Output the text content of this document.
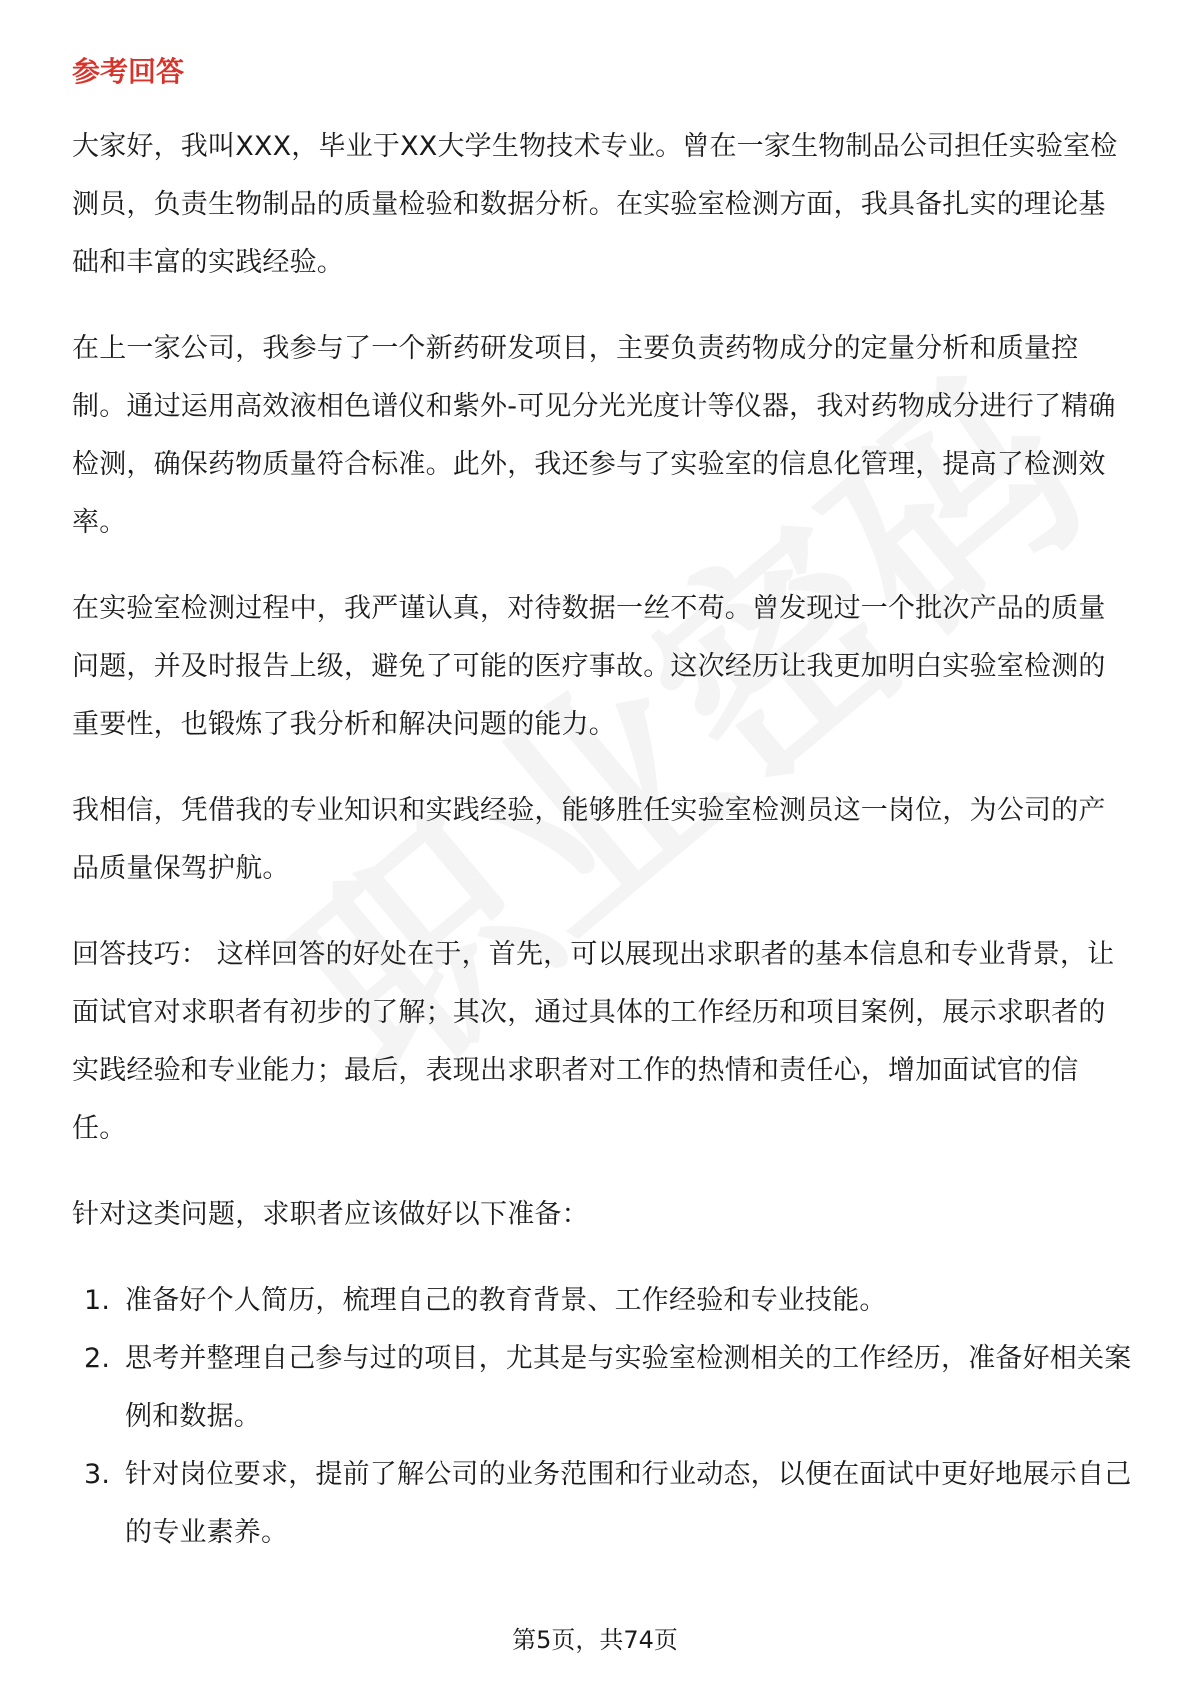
参考回答

大家好，我叫XXX，毕业于XX大学生物技术专业。曾在一家生物制品公司担任实验室检测员，负责生物制品的质量检验和数据分析。在实验室检测方面，我具备扎实的理论基础和丰富的实践经验。

在上一家公司，我参与了一个新药研发项目，主要负责药物成分的定量分析和质量控制。通过运用高效液相色谱仪和紫外-可见分光光度计等仪器，我对药物成分进行了精确检测，确保药物质量符合标准。此外，我还参与了实验室的信息化管理，提高了检测效率。

在实验室检测过程中，我严谨认真，对待数据一丝不苟。曾发现过一个批次产品的质量问题，并及时报告上级，避免了可能的医疗事故。这次经历让我更加明白实验室检测的重要性，也锻炼了我分析和解决问题的能力。

我相信，凭借我的专业知识和实践经验，能够胜任实验室检测员这一岗位，为公司的产品质量保驾护航。

回答技巧： 这样回答的好处在于，首先，可以展现出求职者的基本信息和专业背景，让面试官对求职者有初步的了解；其次，通过具体的工作经历和项目案例，展示求职者的实践经验和专业能力；最后，表现出求职者对工作的热情和责任心，增加面试官的信任。

针对这类问题，求职者应该做好以下准备：

1. 准备好个人简历，梳理自己的教育背景、工作经验和专业技能。
2. 思考并整理自己参与过的项目，尤其是与实验室检测相关的工作经历，准备好相关案例和数据。
3. 针对岗位要求，提前了解公司的业务范围和行业动态，以便在面试中更好地展示自己的专业素养。
第5页，共74页
